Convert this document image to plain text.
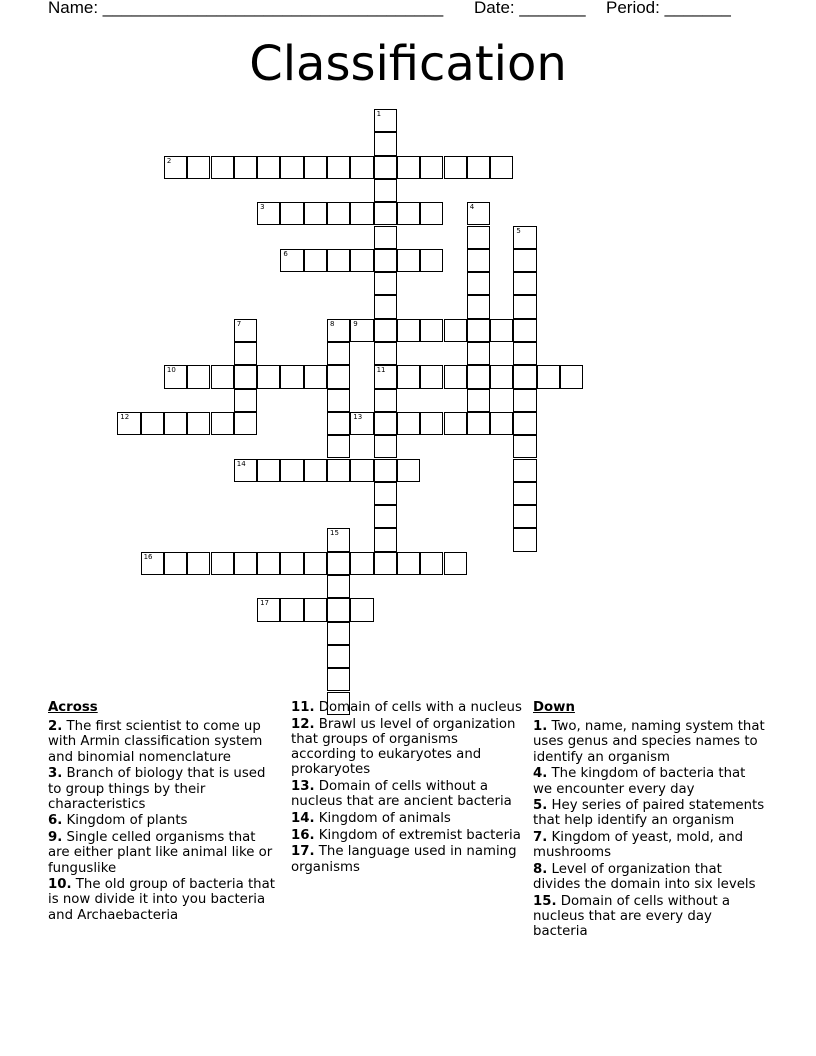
Name: ____________________________________ Date: _______ Period: _______
Classification
1
11
2
3	4
5
6
7	8	9
10
12	13
14
15
16
17
Across
2. The first scientist to come up with Armin classification system and binomial nomenclature
3. Branch of biology that is used to group things by their characteristics
6. Kingdom of plants
9. Single celled organisms that are either plant like animal like or funguslike
10. The old group of bacteria that is now divide it into you bacteria and Archaebacteria
11. Domain of cells with a nucleus
12. Brawl us level of organization that groups of organisms according to eukaryotes and prokaryotes
13. Domain of cells without a nucleus that are ancient bacteria
14. Kingdom of animals
16. Kingdom of extremist bacteria
17. The language used in naming organisms
Down
1. Two, name, naming system that uses genus and species names to identify an organism
4. The kingdom of bacteria that we encounter every day
5. Hey series of paired statements that help identify an organism
7. Kingdom of yeast, mold, and mushrooms
8. Level of organization that divides the domain into six levels
15. Domain of cells without a nucleus that are every day bacteria
